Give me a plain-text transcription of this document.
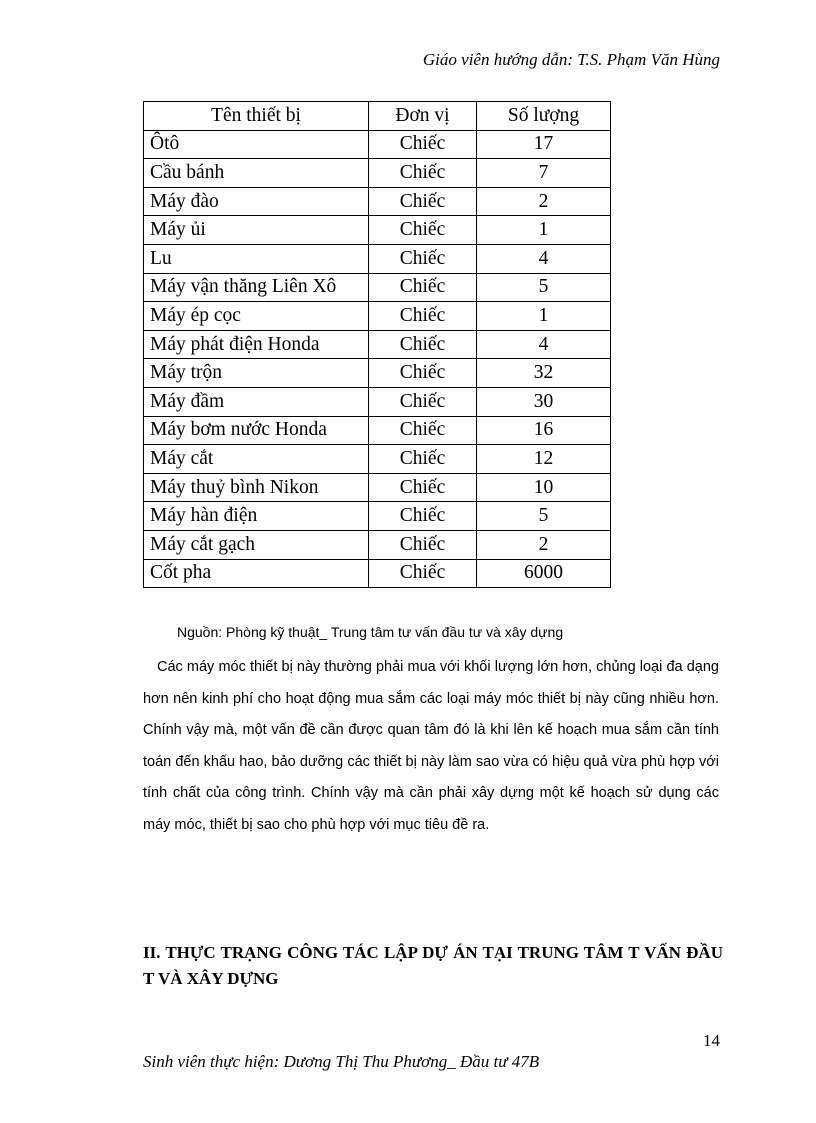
Giáo viên hướng dẫn: T.S. Phạm Văn Hùng
Tên thiết bị	Đơn vị	Số lượng
Ôtô	Chiếc	17
Cầu bánh	Chiếc	7
Máy đào	Chiếc	2
Máy ủi	Chiếc	1
Lu	Chiếc	4
Máy vận thăng Liên Xô	Chiếc	5
Máy ép cọc	Chiếc	1
Máy phát điện Honda	Chiếc	4
Máy trộn	Chiếc	32
Máy đầm	Chiếc	30
Máy bơm nước Honda	Chiếc	16
Máy cắt	Chiếc	12
Máy thuỷ bình Nikon	Chiếc	10
Máy hàn điện	Chiếc	5
Máy cắt gạch	Chiếc	2
Cốt pha	Chiếc	6000
Nguồn: Phòng kỹ thuật_ Trung tâm tư vấn đầu tư và xây dựng

Các máy móc thiết bị này thường phải mua với khối lượng lớn hơn, chủng loại đa dạng hơn nên kinh phí cho hoạt động mua sắm các loại máy móc thiết bị này cũng nhiều hơn. Chính vậy mà, một vấn đề cần được quan tâm đó là khi lên kế hoạch mua sắm cần tính toán đến khấu hao, bảo dưỡng các thiết bị này làm sao vừa có hiệu quả vừa phù hợp với tính chất của công trình. Chính vậy mà cần phải xây dựng một kế hoạch sử dụng các máy móc, thiết bị sao cho phù hợp với mục tiêu đề ra.

II. THỰC TRẠNG CÔNG TÁC LẬP DỰ ÁN TẠI TRUNG TÂM T VẤN ĐẦU T VÀ XÂY DỰNG

14
Sinh viên thực hiện: Dương Thị Thu Phương_ Đầu tư 47B
